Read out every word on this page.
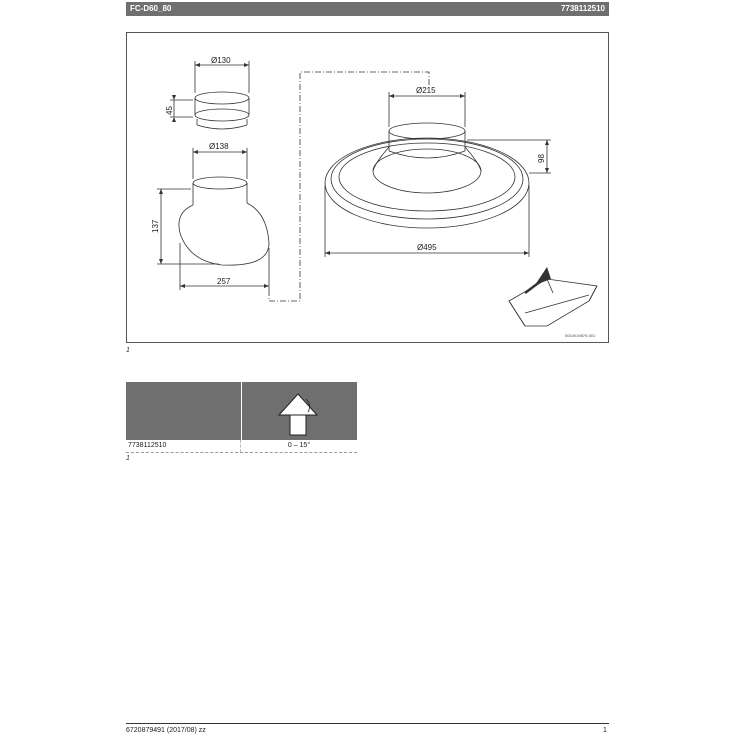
FC-D60_80	7738112510
Ø130
45
Ø138
137
257
Ø215
98
Ø495
0010019879-001
1
7738112510	0 – 15°
1
6720879491 (2017/08) zz	1
